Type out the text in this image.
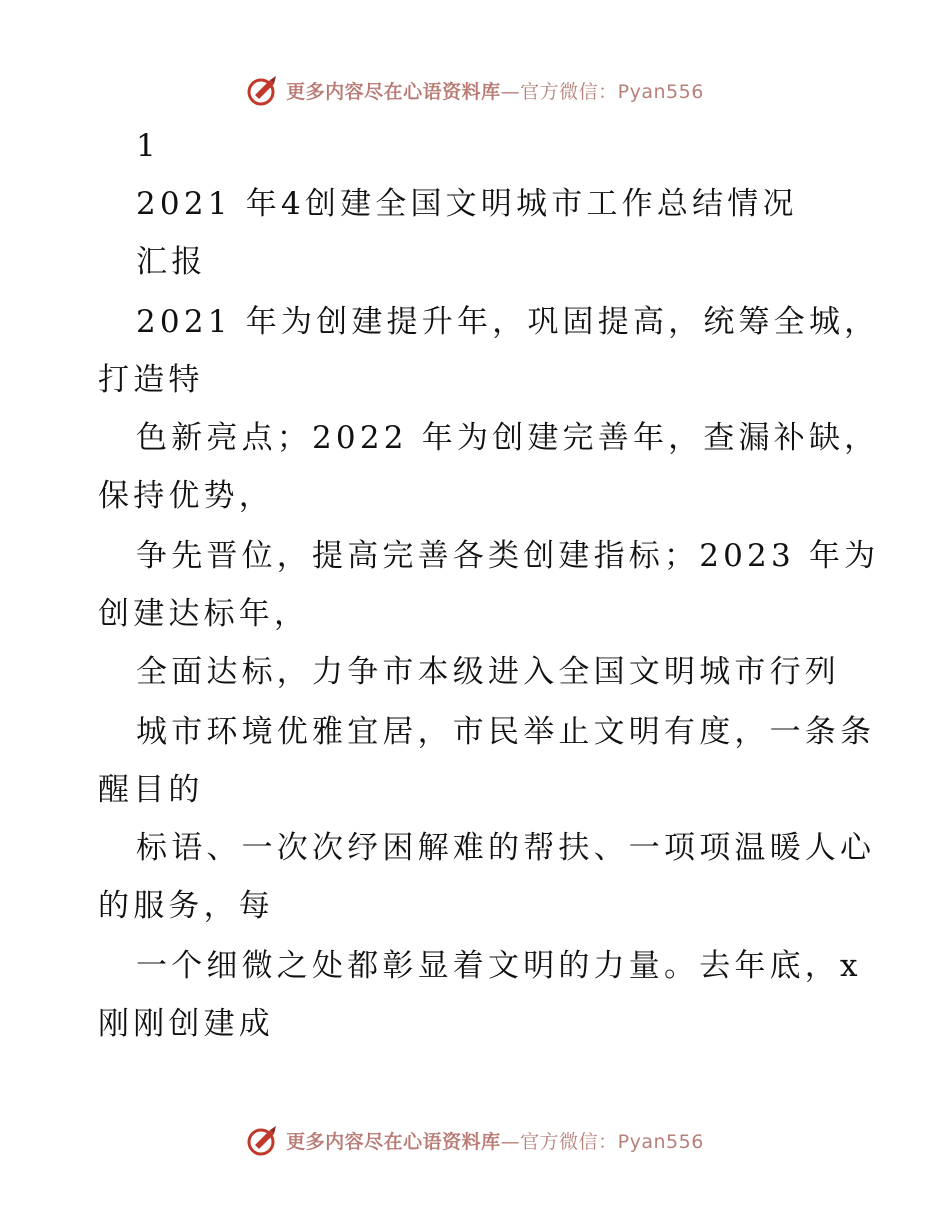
更多内容尽在心语资料库—官方微信：Pyan556
1
2021 年4创建全国文明城市工作总结情况
汇报
2021 年为创建提升年，巩固提高，统筹全城，
打造特
色新亮点；2022 年为创建完善年，查漏补缺，
保持优势，
争先晋位，提高完善各类创建指标；2023 年为
创建达标年，
全面达标，力争市本级进入全国文明城市行列
城市环境优雅宜居，市民举止文明有度，一条条
醒目的
标语、一次次纾困解难的帮扶、一项项温暖人心
的服务，每
一个细微之处都彰显着文明的力量。去年底，x
刚刚创建成
更多内容尽在心语资料库—官方微信：Pyan556
